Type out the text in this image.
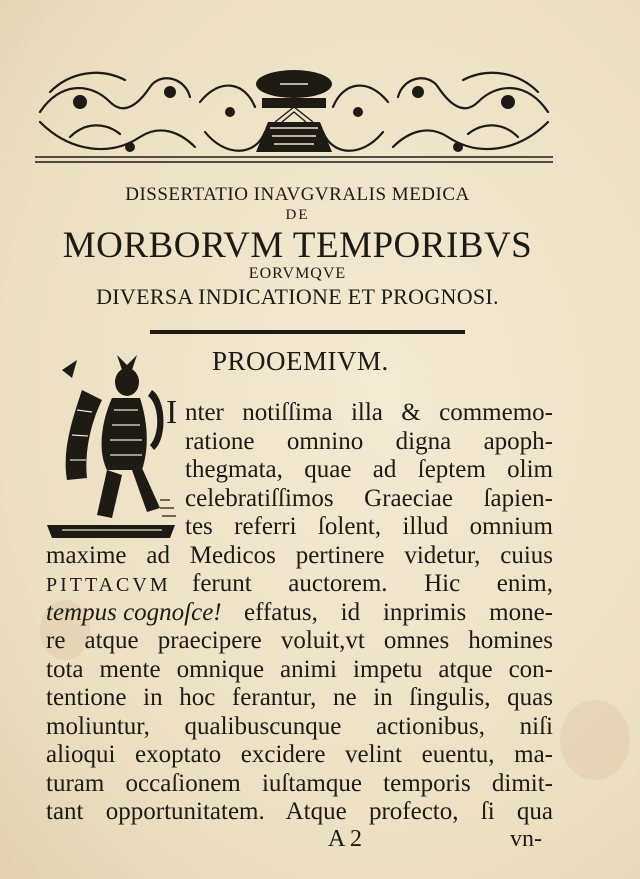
DISSERTATIO INAVGVRALIS MEDICA
DE
MORBORVM TEMPORIBVS
EORVMQVE
DIVERSA INDICATIONE ET PROGNOSI.
PROOEMIVM.
I nter notiſſima illa & commemo-
ratione omnino digna apoph-
thegmata, quae ad ſeptem olim
celebratiſſimos Graeciae ſapien-
tes referri ſolent, illud omnium
maxime ad Medicos pertinere videtur, cuius
PITTACVM ferunt auctorem. Hic enim,
tempus cognoſce! effatus, id inprimis mone-
re atque praecipere voluit,vt omnes homines
tota mente omnique animi impetu atque con-
tentione in hoc ferantur, ne in ſingulis, quas
moliuntur, qualibuscunque actionibus, niſi
alioqui exoptato excidere velint euentu, ma-
turam occaſionem iuſtamque temporis dimit-
tant opportunitatem. Atque profecto, ſi qua
A 2	vn-
